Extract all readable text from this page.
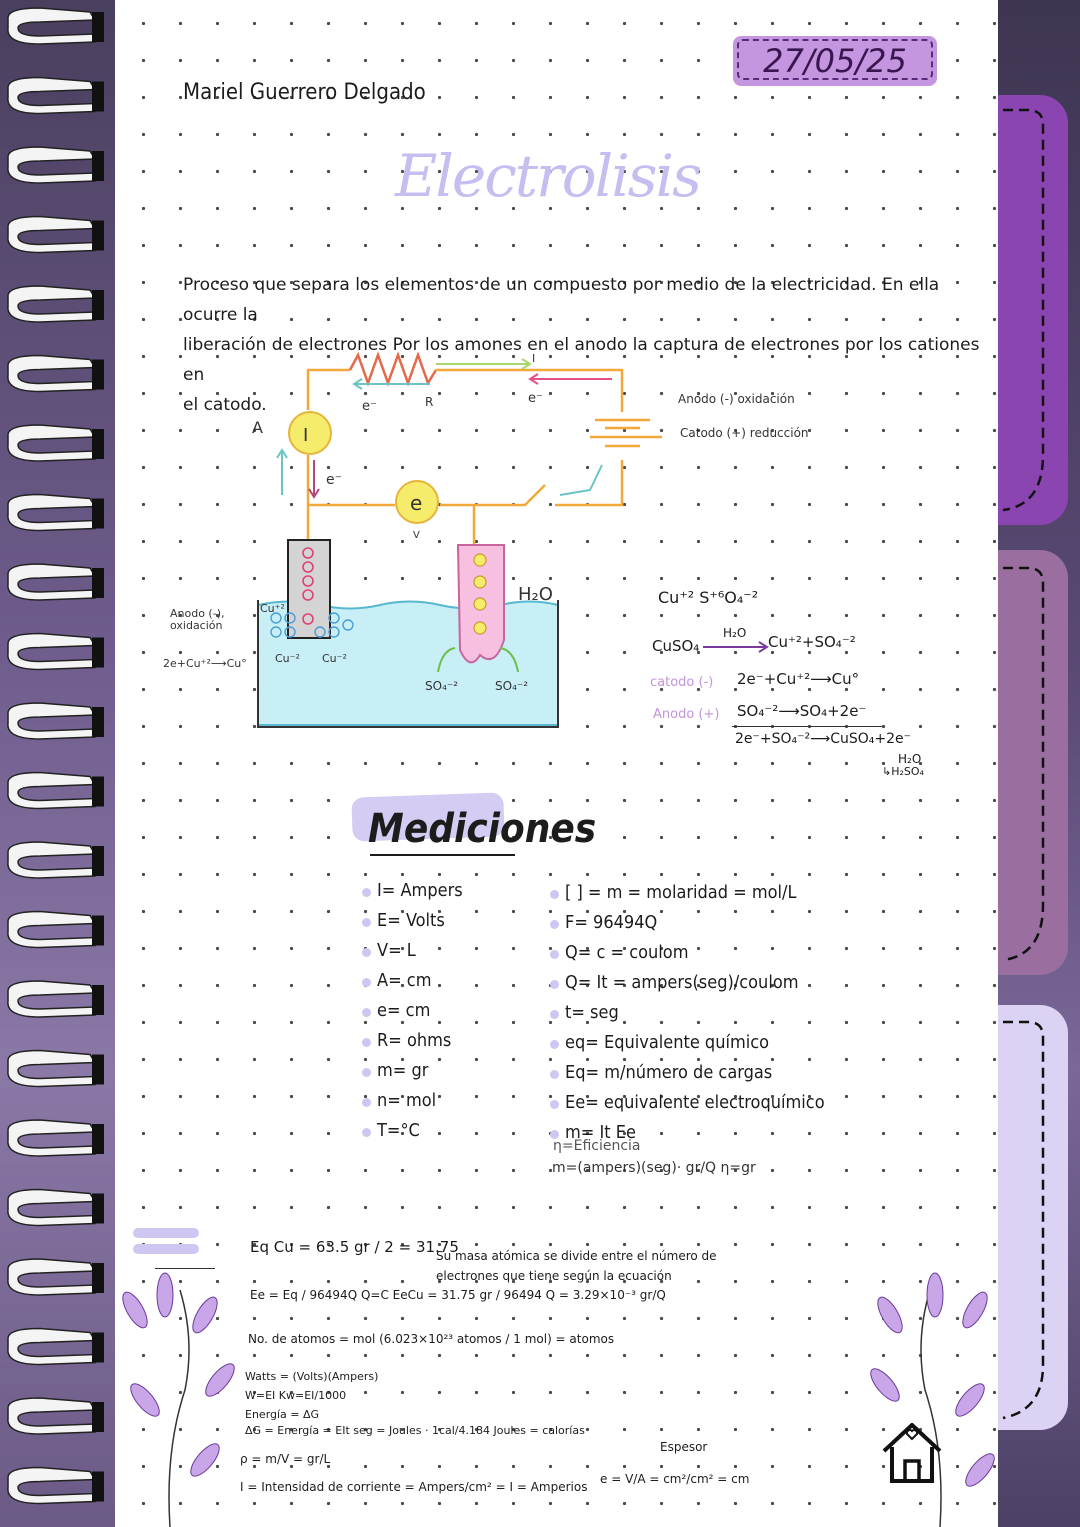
27/05/25
Mariel Guerrero Delgado
Electrolisis
Proceso que separa los elementos de un compuesto por medio de la electricidad. En ella ocurre la
liberación de electrones Por los amones en el anodo la captura de electrones por los cationes en
el catodo.	R
e⁻
e⁻
I
A I
e⁻
e
V
H₂O
Cu⁺²
Cu⁻² Cu⁻²
SO₄⁻²	SO₄⁻²
Anodo (-), oxidación
2e+Cu⁺²⟶Cu°
Anodo (-) oxidación
Catodo (+) reducción
Cu⁺² S⁺⁶O₄⁻²
CuSO₄
H₂O Cu⁺²+SO₄⁻²
catodo (-) 2e⁻+Cu⁺²⟶Cu°
Anodo (+) SO₄⁻²⟶SO₄+2e⁻
2e⁻+SO₄⁻²⟶CuSO₄+2e⁻
H₂O
↳H₂SO₄
Mediciones
I= Ampers
E= Volts
V= L
A= cm
e= cm
R= ohms
m= gr
n= mol
T=°C
[ ] = m = molaridad = mol/L
F= 96494Q
Q= c = coulom
Q= It = ampers(seg)/coulom
t= seg
eq= Equivalente químico
Eq= m/número de cargas
Ee= equivalente electroquímico
m= It Ee
η=Eficiencia
m=(ampers)(seg)· gr/Q η=gr
Eq Cu = 63.5 gr / 2 = 31.75
Su masa atómica se divide entre el número de
electrones que tiene según la ecuación
Ee = Eq / 96494Q Q=C EeCu = 31.75 gr / 96494 Q = 3.29×10⁻³ gr/Q
No. de atomos = mol (6.023×10²³ atomos / 1 mol) = atomos
Watts = (Volts)(Ampers)
W=EI Kw=EI/1000
Energía = ΔG
ΔG = Energía = EIt seg = Joules · 1cal/4.184 Joules = calorías
ρ = m/V = gr/L
I = Intensidad de corriente = Ampers/cm² = I = Amperios
Espesor
e = V/A = cm²/cm² = cm
